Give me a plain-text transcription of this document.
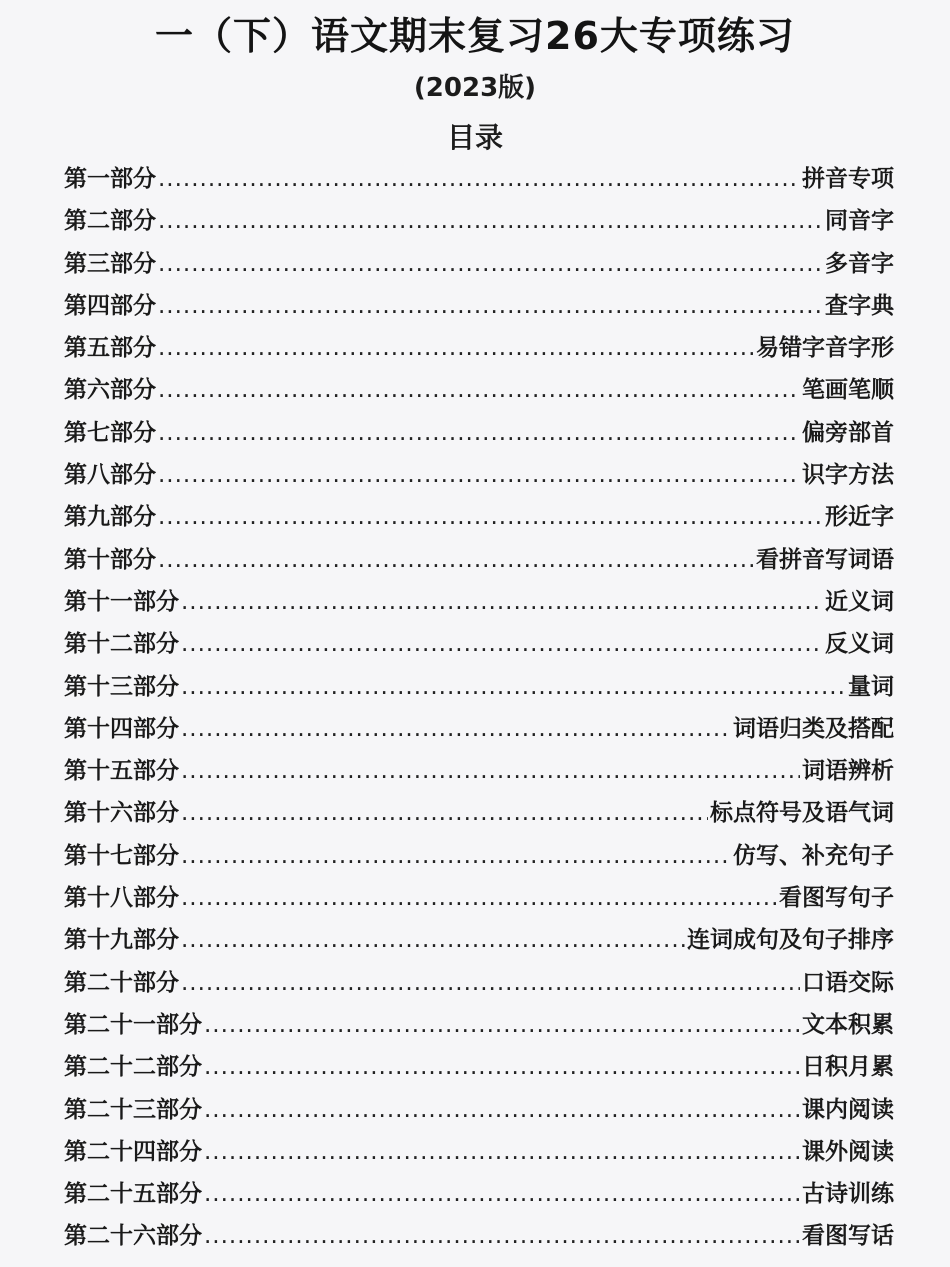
一（下）语文期末复习26大专项练习
(2023版)
目录
第一部分 .....	拼音专项
第二部分 .....	同音字
第三部分 .....	多音字
第四部分 .....	查字典
第五部分 .....	易错字音字形
第六部分 .....	笔画笔顺
第七部分 .....	偏旁部首
第八部分 .....	识字方法
第九部分 .....	形近字
第十部分 .....	看拼音写词语
第十一部分 .....	近义词
第十二部分 .....	反义词
第十三部分 .....	量词
第十四部分 .....	词语归类及搭配
第十五部分 .....	词语辨析
第十六部分 .....	标点符号及语气词
第十七部分 .....	仿写、补充句子
第十八部分 .....	看图写句子
第十九部分 .....	连词成句及句子排序
第二十部分 .....	口语交际
第二十一部分 .....	文本积累
第二十二部分 .....	日积月累
第二十三部分 .....	课内阅读
第二十四部分 .....	课外阅读
第二十五部分 .....	古诗训练
第二十六部分 .....	看图写话
